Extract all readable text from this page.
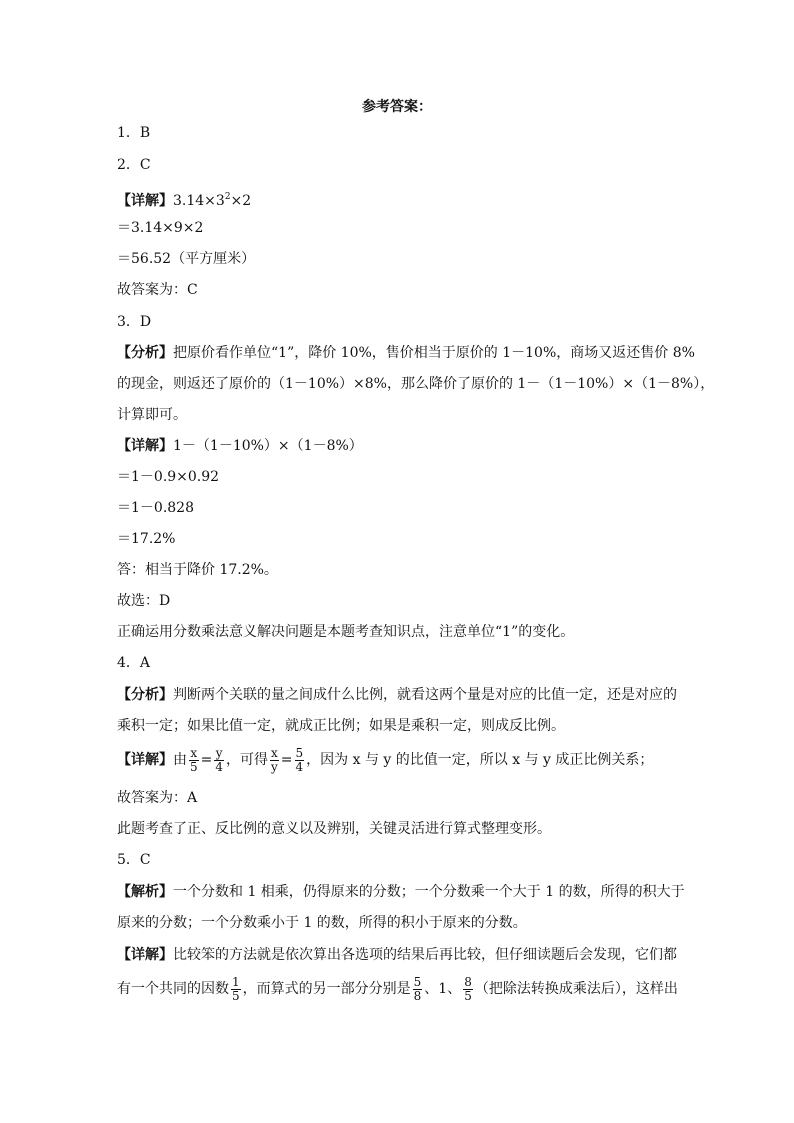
参考答案：
1．B
2．C
【详解】$3.14\times 3^2\times 2$
＝3.14×9×2
＝56.52（平方厘米）
故答案为：C
3．D
【分析】把原价看作单位“1”，降价 10%，售价相当于原价的 1－10%，商场又返还售价 8%
的现金，则返还了原价的（1－10%）×8%，那么降价了原价的 1－（1－10%）×（1－8%），
计算即可。
【详解】1－（1－10%）×（1－8%）
＝1－0.9×0.92
＝1－0.828
＝17.2%
答：相当于降价 17.2%。
故选：D
正确运用分数乘法意义解决问题是本题考查知识点，注意单位“1”的变化。
4．A
【分析】判断两个关联的量之间成什么比例，就看这两个量是对应的比值一定，还是对应的
乘积一定；如果比值一定，就成正比例；如果是乘积一定，则成反比例。
【详解】由 $\frac{x}{5} = \frac{y}{4}$ ，可得 $\frac{x}{y} = \frac{5}{4}$ ，因为 x 与 y 的比值一定，所以 x 与 y 成正比例关系；
故答案为：A
此题考查了正、反比例的意义以及辨别，关键灵活进行算式整理变形。
5．C
【解析】一个分数和 1 相乘，仍得原来的分数；一个分数乘一个大于 1 的数，所得的积大于
原来的分数；一个分数乘小于 1 的数，所得的积小于原来的分数。
【详解】比较笨的方法就是依次算出各选项的结果后再比较，但仔细读题后会发现，它们都
有一个共同的因数 $\frac{1}{5}$ ，而算式的另一部分分别是 $\frac{5}{8}$ 、1、 $\frac{8}{5}$ （把除法转换成乘法后），这样出
